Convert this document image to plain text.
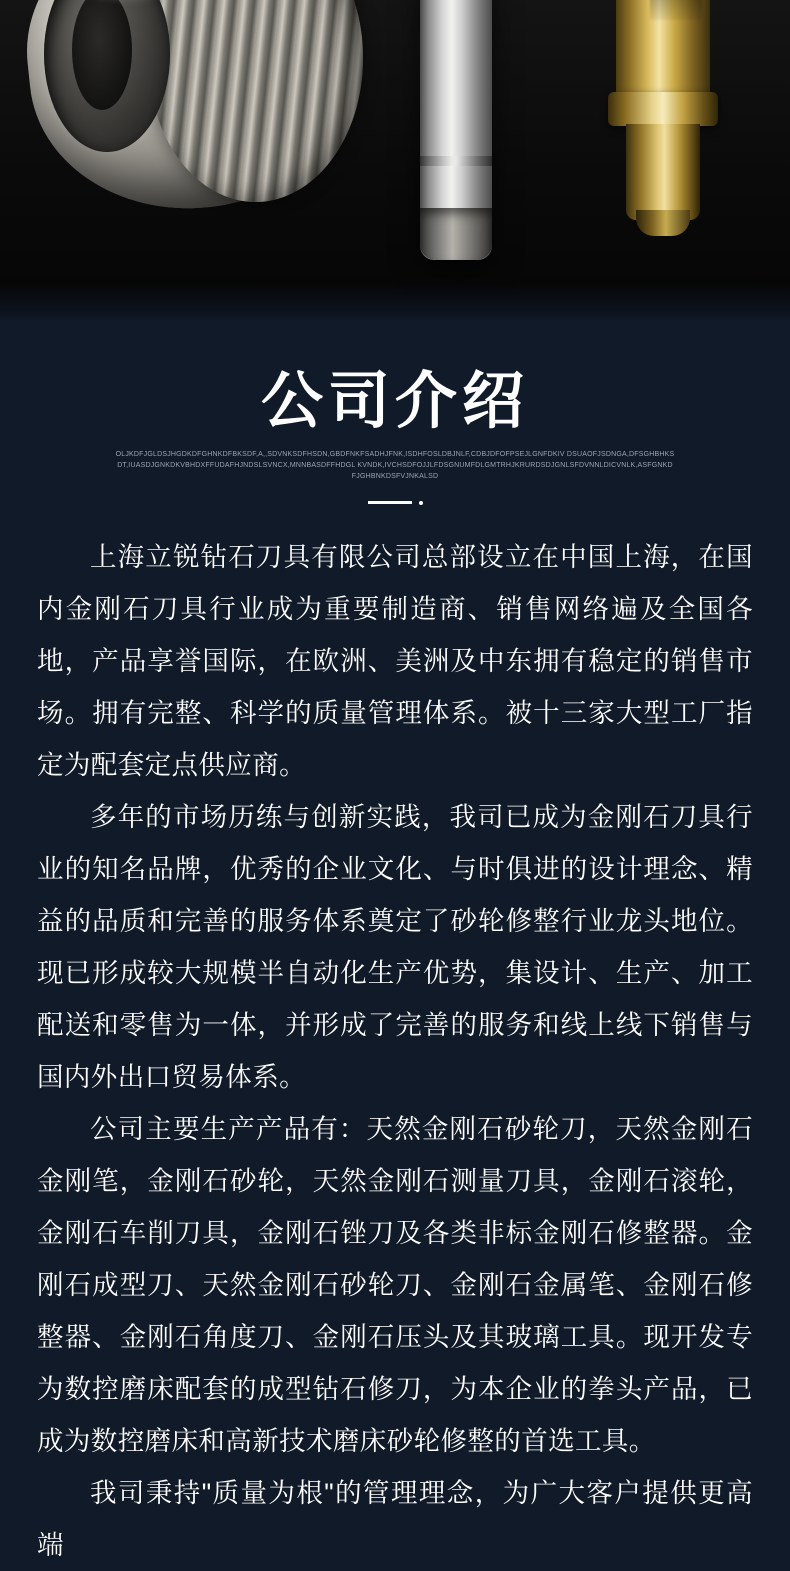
公司介绍
OLJKDFJGLDSJHGDKDFGHNKDFBKSDF,A,,SDVNKSDFHSDN,GBDFNKFSADHJFNK,ISDHFOSLDBJNLF,CDBJDFOFPSEJLGNFDKIV DSUAOFJSDNGA,DFSGHBHKSDT,IUASDJGNKDKVBHDXFFUDAFHJNDSLSVNCX,MNNBASDFFHDGL KVNDK,IVCHSDFOJJLFDSGNUMFDLGMTRHJKRURDSDJGNLSFDVNNLDICVNLK,ASFGNKDFJGHBNKDSFVJNKALSD

上海立锐钻石刀具有限公司总部设立在中国上海，在国内金刚石刀具行业成为重要制造商、销售网络遍及全国各地，产品享誉国际，在欧洲、美洲及中东拥有稳定的销售市场。拥有完整、科学的质量管理体系。被十三家大型工厂指定为配套定点供应商。

多年的市场历练与创新实践，我司已成为金刚石刀具行业的知名品牌，优秀的企业文化、与时俱进的设计理念、精益的品质和完善的服务体系奠定了砂轮修整行业龙头地位。现已形成较大规模半自动化生产优势，集设计、生产、加工配送和零售为一体，并形成了完善的服务和线上线下销售与国内外出口贸易体系。

公司主要生产产品有：天然金刚石砂轮刀，天然金刚石金刚笔，金刚石砂轮，天然金刚石测量刀具，金刚石滚轮，金刚石车削刀具，金刚石锉刀及各类非标金刚石修整器。金刚石成型刀、天然金刚石砂轮刀、金刚石金属笔、金刚石修整器、金刚石角度刀、金刚石压头及其玻璃工具。现开发专为数控磨床配套的成型钻石修刀，为本企业的拳头产品，已成为数控磨床和高新技术磨床砂轮修整的首选工具。

我司秉持"质量为根"的管理理念，为广大客户提供更高端
